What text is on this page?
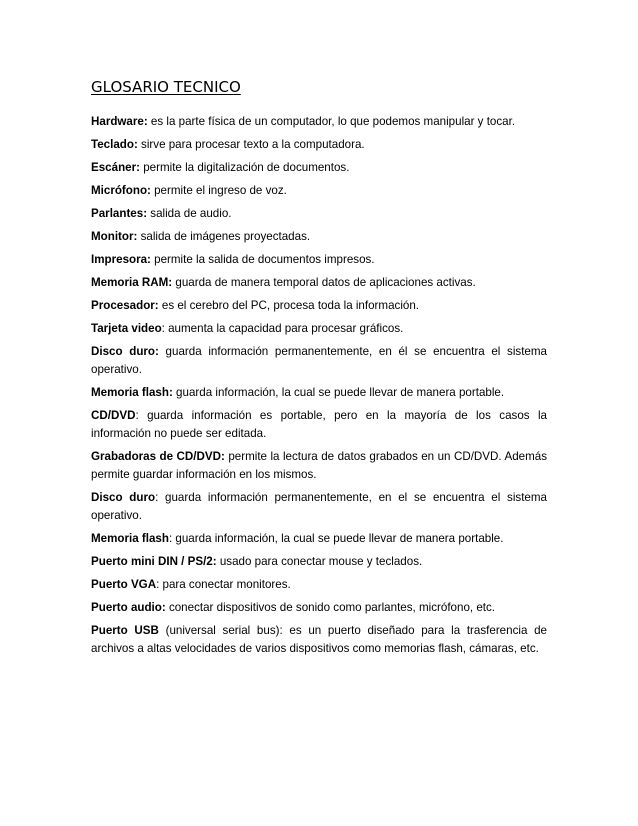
GLOSARIO TECNICO
Hardware: es la parte física de un computador, lo que podemos manipular y tocar.
Teclado: sirve para procesar texto a la computadora.
Escáner: permite la digitalización de documentos.
Micrófono: permite el ingreso de voz.
Parlantes: salida de audio.
Monitor: salida de imágenes proyectadas.
Impresora: permite la salida de documentos impresos.
Memoria RAM: guarda de manera temporal datos de aplicaciones activas.
Procesador: es el cerebro del PC, procesa toda la información.
Tarjeta video: aumenta la capacidad para procesar gráficos.
Disco duro: guarda información permanentemente, en él se encuentra el sistema operativo.
Memoria flash: guarda información, la cual se puede llevar de manera portable.
CD/DVD: guarda información es portable, pero en la mayoría de los casos la información no puede ser editada.
Grabadoras de CD/DVD: permite la lectura de datos grabados en un CD/DVD. Además permite guardar información en los mismos.
Disco duro: guarda información permanentemente, en el se encuentra el sistema operativo.
Memoria flash: guarda información, la cual se puede llevar de manera portable.
Puerto mini DIN / PS/2: usado para conectar mouse y teclados.
Puerto VGA: para conectar monitores.
Puerto audio: conectar dispositivos de sonido como parlantes, micrófono, etc.
Puerto USB (universal serial bus): es un puerto diseñado para la trasferencia de archivos a altas velocidades de varios dispositivos como memorias flash, cámaras, etc.
